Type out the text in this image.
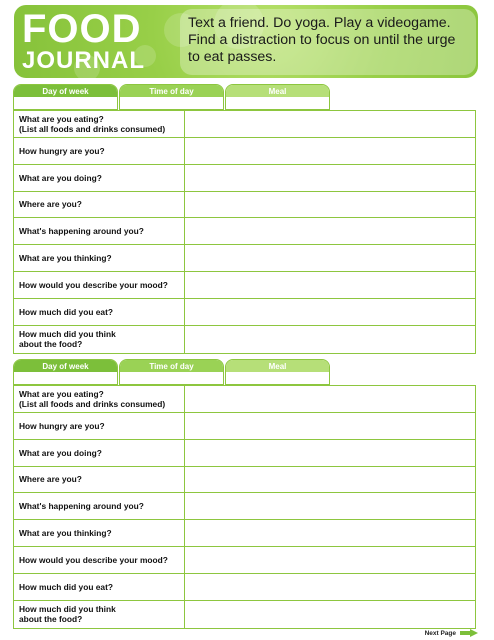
FOOD
JOURNAL
Text a friend. Do yoga. Play a videogame. Find a distraction to focus on until the urge to eat passes.
Day of week	Time of day	Meal
What are you eating?
(List all foods and drinks consumed)
How hungry are you?
What are you doing?
Where are you?
What's happening around you?
What are you thinking?
How would you describe your mood?
How much did you eat?
How much did you think
about the food?
Day of week	Time of day	Meal
What are you eating?
(List all foods and drinks consumed)
How hungry are you?
What are you doing?
Where are you?
What's happening around you?
What are you thinking?
How would you describe your mood?
How much did you eat?
How much did you think
about the food?
Next Page
